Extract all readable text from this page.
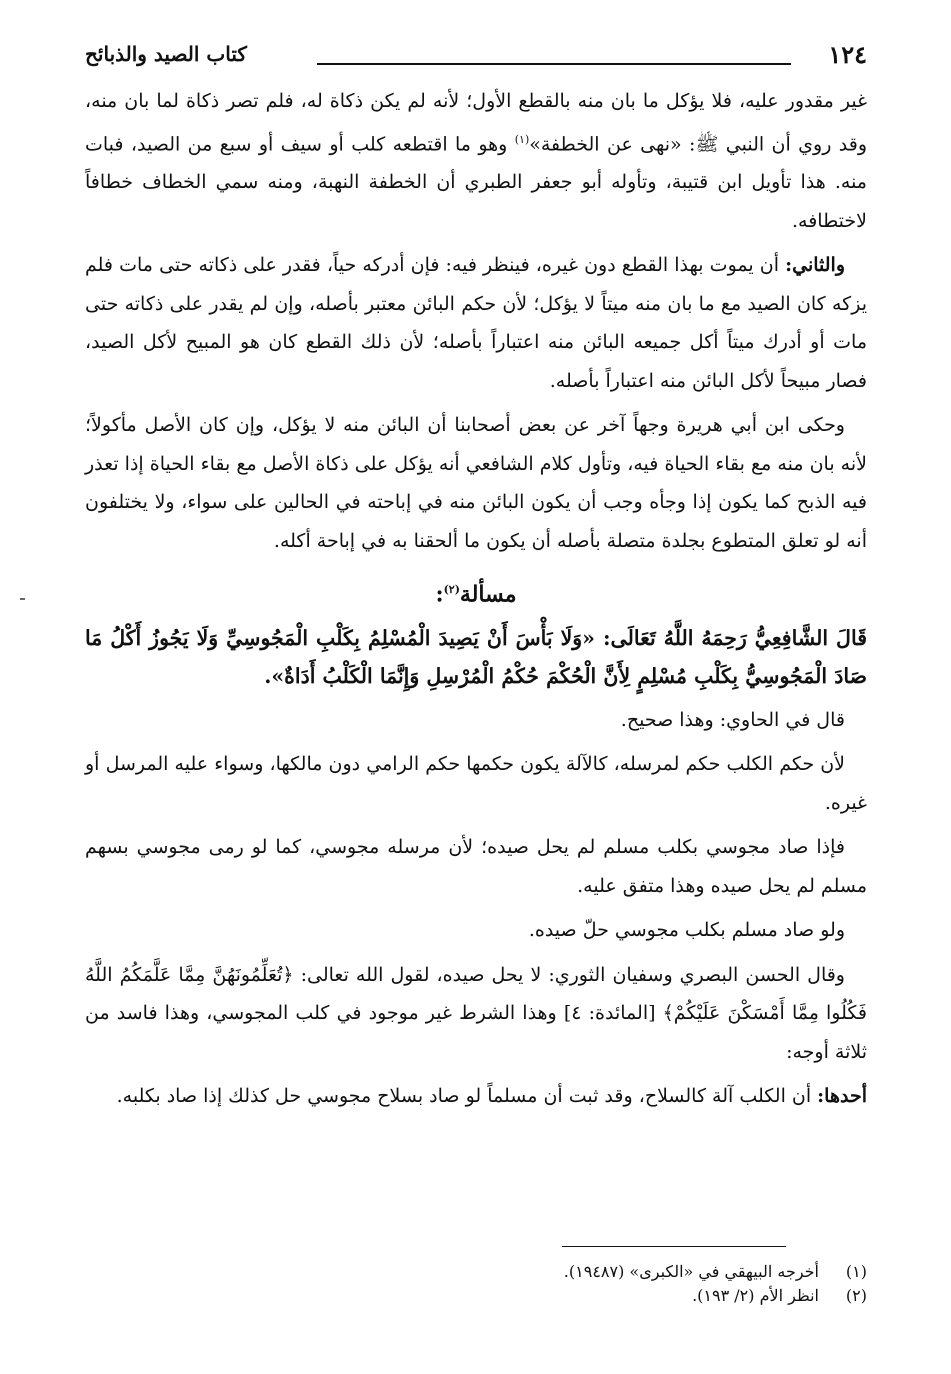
١٢٤
كتاب الصيد والذبائح

غير مقدور عليه، فلا يؤكل ما بان منه بالقطع الأول؛ لأنه لم يكن ذكاة له، فلم تصر ذكاة لما بان منه، وقد روي أن النبي ﷺ: «نهى عن الخطفة»$^{(١)}$ وهو ما اقتطعه كلب أو سيف أو سبع من الصيد، فبات منه. هذا تأويل ابن قتيبة، وتأوله أبو جعفر الطبري أن الخطفة النهبة، ومنه سمي الخطاف خطافاً لاختطافه.

والثاني: أن يموت بهذا القطع دون غيره، فينظر فيه: فإن أدركه حياً، فقدر على ذكاته حتى مات فلم يزكه كان الصيد مع ما بان منه ميتاً لا يؤكل؛ لأن حكم البائن معتبر بأصله، وإن لم يقدر على ذكاته حتى مات أو أدرك ميتاً أكل جميعه البائن منه اعتباراً بأصله؛ لأن ذلك القطع كان هو المبيح لأكل الصيد، فصار مبيحاً لأكل البائن منه اعتباراً بأصله.

وحكى ابن أبي هريرة وجهاً آخر عن بعض أصحابنا أن البائن منه لا يؤكل، وإن كان الأصل مأكولاً؛ لأنه بان منه مع بقاء الحياة فيه، وتأول كلام الشافعي أنه يؤكل على ذكاة الأصل مع بقاء الحياة إذا تعذر فيه الذبح كما يكون إذا وجأه وجب أن يكون البائن منه في إباحته في الحالين على سواء، ولا يختلفون أنه لو تعلق المتطوع بجلدة متصلة بأصله أن يكون ما ألحقنا به في إباحة أكله.

مسألة$^{(٢)}$:

قَالَ الشَّافِعِيُّ رَحِمَهُ اللَّهُ تَعَالَى: «وَلَا بَأْسَ أَنْ يَصِيدَ الْمُسْلِمُ بِكَلْبِ الْمَجُوسِيِّ وَلَا يَجُوزُ أَكْلُ مَا صَادَ الْمَجُوسِيُّ بِكَلْبِ مُسْلِمٍ لِأَنَّ الْحُكْمَ حُكْمُ الْمُرْسِلِ وَإِنَّمَا الْكَلْبُ أَدَاةٌ».

قال في الحاوي: وهذا صحيح.

لأن حكم الكلب حكم لمرسله، كالآلة يكون حكمها حكم الرامي دون مالكها، وسواء عليه المرسل أو غيره.

فإذا صاد مجوسي بكلب مسلم لم يحل صيده؛ لأن مرسله مجوسي، كما لو رمى مجوسي بسهم مسلم لم يحل صيده وهذا متفق عليه.

ولو صاد مسلم بكلب مجوسي حلّ صيده.

وقال الحسن البصري وسفيان الثوري: لا يحل صيده، لقول الله تعالى: ﴿تُعَلِّمُونَهُنَّ مِمَّا عَلَّمَكُمُ اللَّهُ فَكُلُوا مِمَّا أَمْسَكْنَ عَلَيْكُمْ﴾ [المائدة: ٤] وهذا الشرط غير موجود في كلب المجوسي، وهذا فاسد من ثلاثة أوجه:

أحدها: أن الكلب آلة كالسلاح، وقد ثبت أن مسلماً لو صاد بسلاح مجوسي حل كذلك إذا صاد بكلبه.

(١)
أخرجه البيهقي في «الكبرى» (١٩٤٨٧).
(٢)
انظر الأم (٢/ ١٩٣).
